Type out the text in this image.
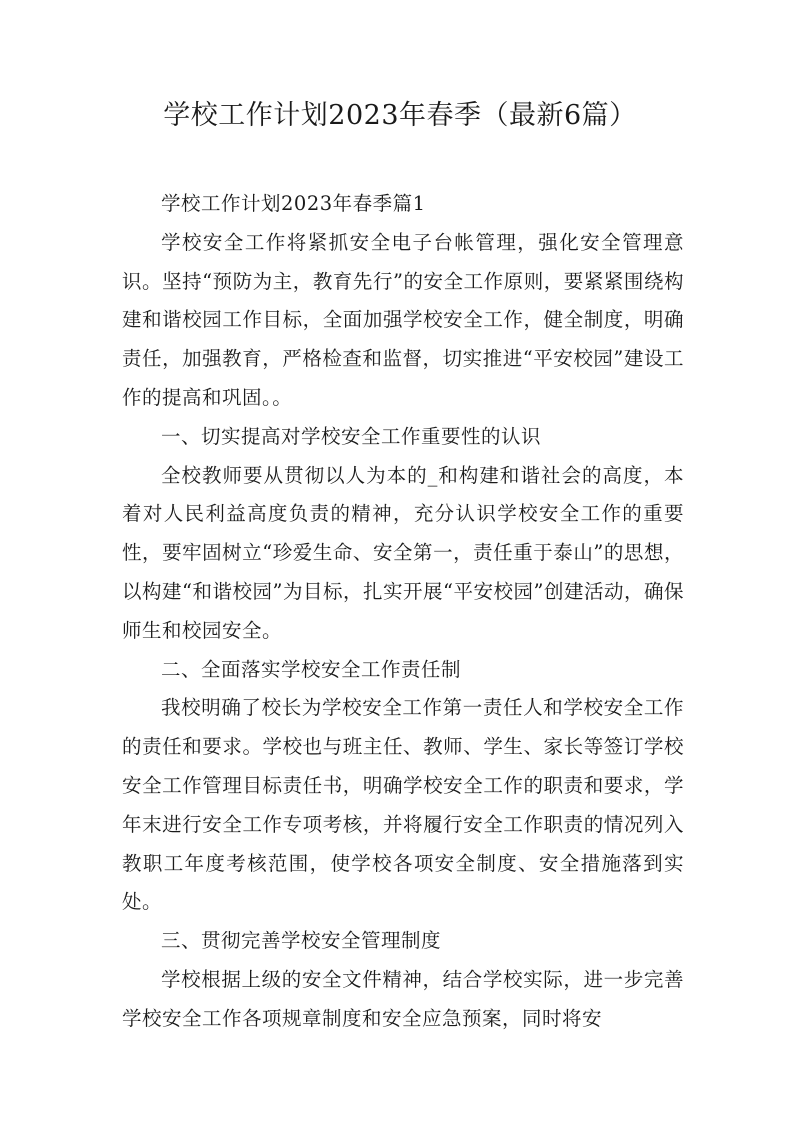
学校工作计划2023年春季（最新6篇）

学校工作计划2023年春季篇1

学校安全工作将紧抓安全电子台帐管理，强化安全管理意识。坚持“预防为主，教育先行”的安全工作原则，要紧紧围绕构建和谐校园工作目标，全面加强学校安全工作，健全制度，明确责任，加强教育，严格检查和监督，切实推进“平安校园”建设工作的提高和巩固。。

一、切实提高对学校安全工作重要性的认识

全校教师要从贯彻以人为本的_和构建和谐社会的高度，本着对人民利益高度负责的精神，充分认识学校安全工作的重要性，要牢固树立“珍爱生命、安全第一，责任重于泰山”的思想，以构建“和谐校园”为目标，扎实开展“平安校园”创建活动，确保师生和校园安全。

二、全面落实学校安全工作责任制

我校明确了校长为学校安全工作第一责任人和学校安全工作的责任和要求。学校也与班主任、教师、学生、家长等签订学校安全工作管理目标责任书，明确学校安全工作的职责和要求，学年末进行安全工作专项考核，并将履行安全工作职责的情况列入教职工年度考核范围，使学校各项安全制度、安全措施落到实处。

三、贯彻完善学校安全管理制度

学校根据上级的安全文件精神，结合学校实际，进一步完善学校安全工作各项规章制度和安全应急预案，同时将安
